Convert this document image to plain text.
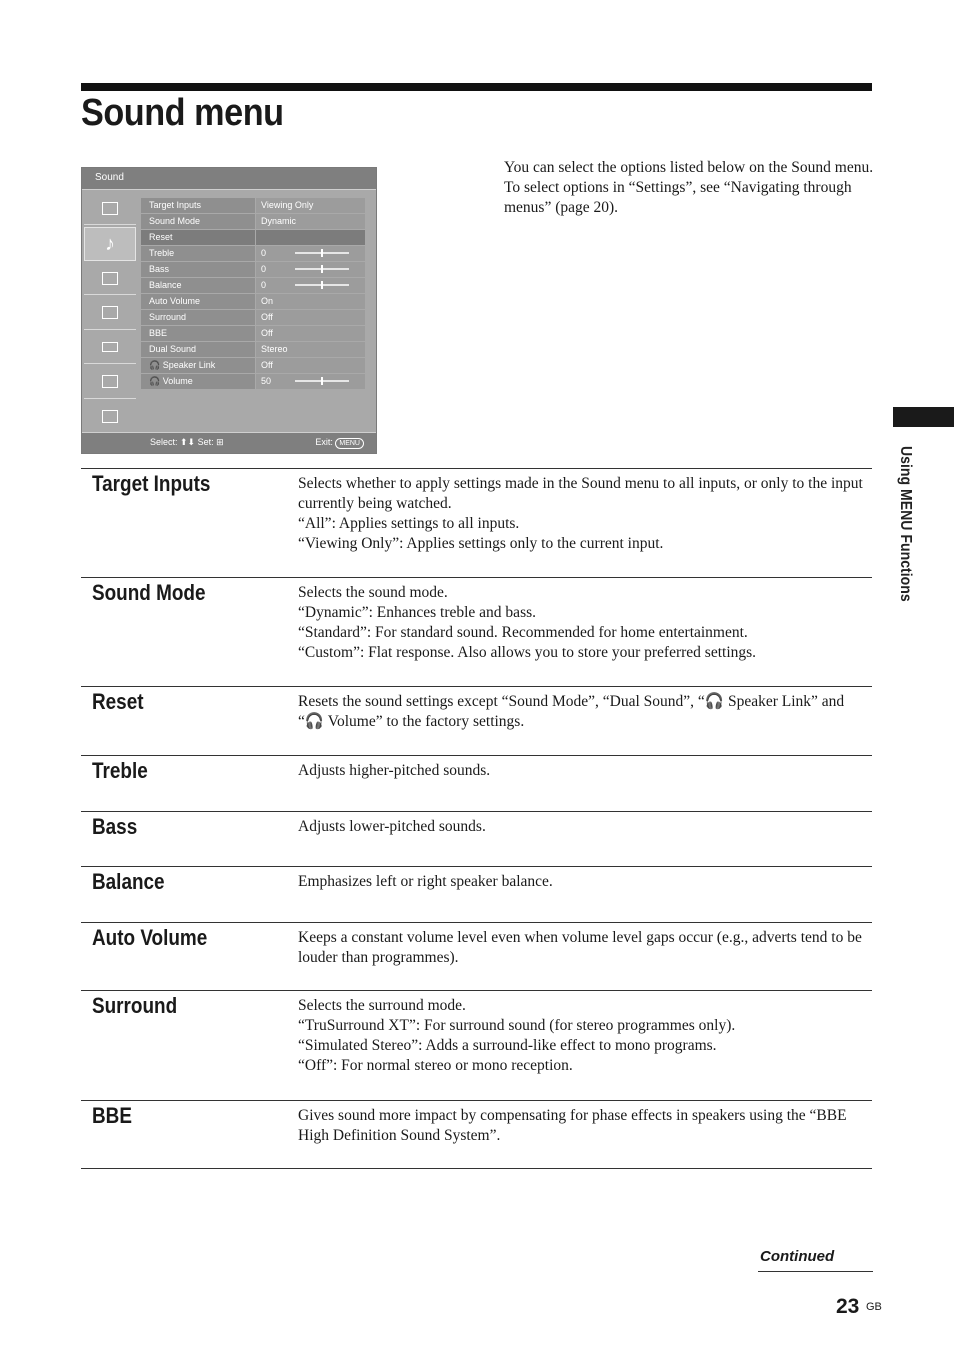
Sound menu
Sound
♪
Target Inputs	Viewing Only
Sound Mode	Dynamic
Reset
Treble	0
Bass	0
Balance	0
Auto Volume	On
Surround	Off
BBE	Off
Dual Sound	Stereo
🎧 Speaker Link	Off
🎧 Volume	50
Select: ⬆⬇ Set: ⊞	Exit: MENU

You can select the options listed below on the Sound menu. To select options in “Settings”, see “Navigating through menus” (page 20).

Using MENU Functions
Target Inputs	Selects whether to apply settings made in the Sound menu to all inputs, or only to the input currently being watched.
“All”: Applies settings to all inputs.
“Viewing Only”: Applies settings only to the current input.
Sound Mode	Selects the sound mode.
“Dynamic”: Enhances treble and bass.
“Standard”: For standard sound. Recommended for home entertainment.
“Custom”: Flat response. Also allows you to store your preferred settings.
Reset	Resets the sound settings except “Sound Mode”, “Dual Sound”, “🎧 Speaker Link” and “🎧 Volume” to the factory settings.
Treble	Adjusts higher-pitched sounds.
Bass	Adjusts lower-pitched sounds.
Balance	Emphasizes left or right speaker balance.
Auto Volume	Keeps a constant volume level even when volume level gaps occur (e.g., adverts tend to be louder than programmes).
Surround	Selects the surround mode.
“TruSurround XT”: For surround sound (for stereo programmes only).
“Simulated Stereo”: Adds a surround-like effect to mono programs.
“Off”: For normal stereo or mono reception.
BBE	Gives sound more impact by compensating for phase effects in speakers using the “BBE High Definition Sound System”.
Continued
23 GB
